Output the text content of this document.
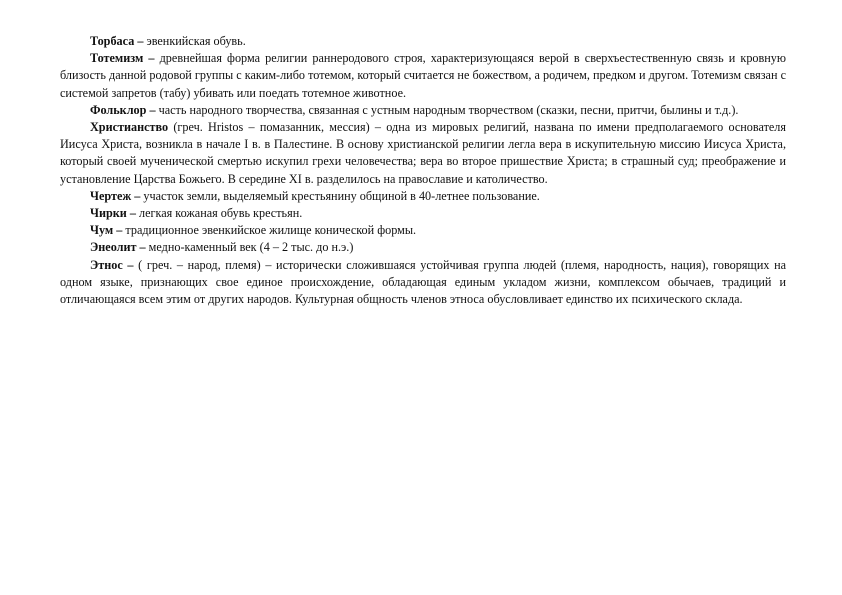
Торбаса – эвенкийская обувь.

Тотемизм – древнейшая форма религии раннеродового строя, характеризующаяся верой в сверхъестественную связь и кровную близость данной родовой группы с каким-либо тотемом, который считается не божеством, а родичем, предком и другом. Тотемизм связан с системой запретов (табу) убивать или поедать тотемное животное.

Фольклор – часть народного творчества, связанная с устным народным творчеством (сказки, песни, притчи, былины и т.д.).

Христианство (греч. Hristos – помазанник, мессия) – одна из мировых религий, названа по имени предполагаемого основателя Иисуса Христа, возникла в начале I в. в Палестине. В основу христианской религии легла вера в искупительную миссию Иисуса Христа, который своей мученической смертью искупил грехи человечества; вера во второе пришествие Христа; в страшный суд; преображение и установление Царства Божьего. В середине XI в. разделилось на православие и католичество.

Чертеж – участок земли, выделяемый крестьянину общиной в 40-летнее пользование.

Чирки – легкая кожаная обувь крестьян.

Чум – традиционное эвенкийское жилище конической формы.

Энеолит – медно-каменный век (4 – 2 тыс. до н.э.)

Этнос – ( греч. – народ, племя) – исторически сложившаяся устойчивая группа людей (племя, народность, нация), говорящих на одном языке, признающих свое единое происхождение, обладающая единым укладом жизни, комплексом обычаев, традиций и отличающаяся всем этим от других народов. Культурная общность членов этноса обусловливает единство их психического склада.
